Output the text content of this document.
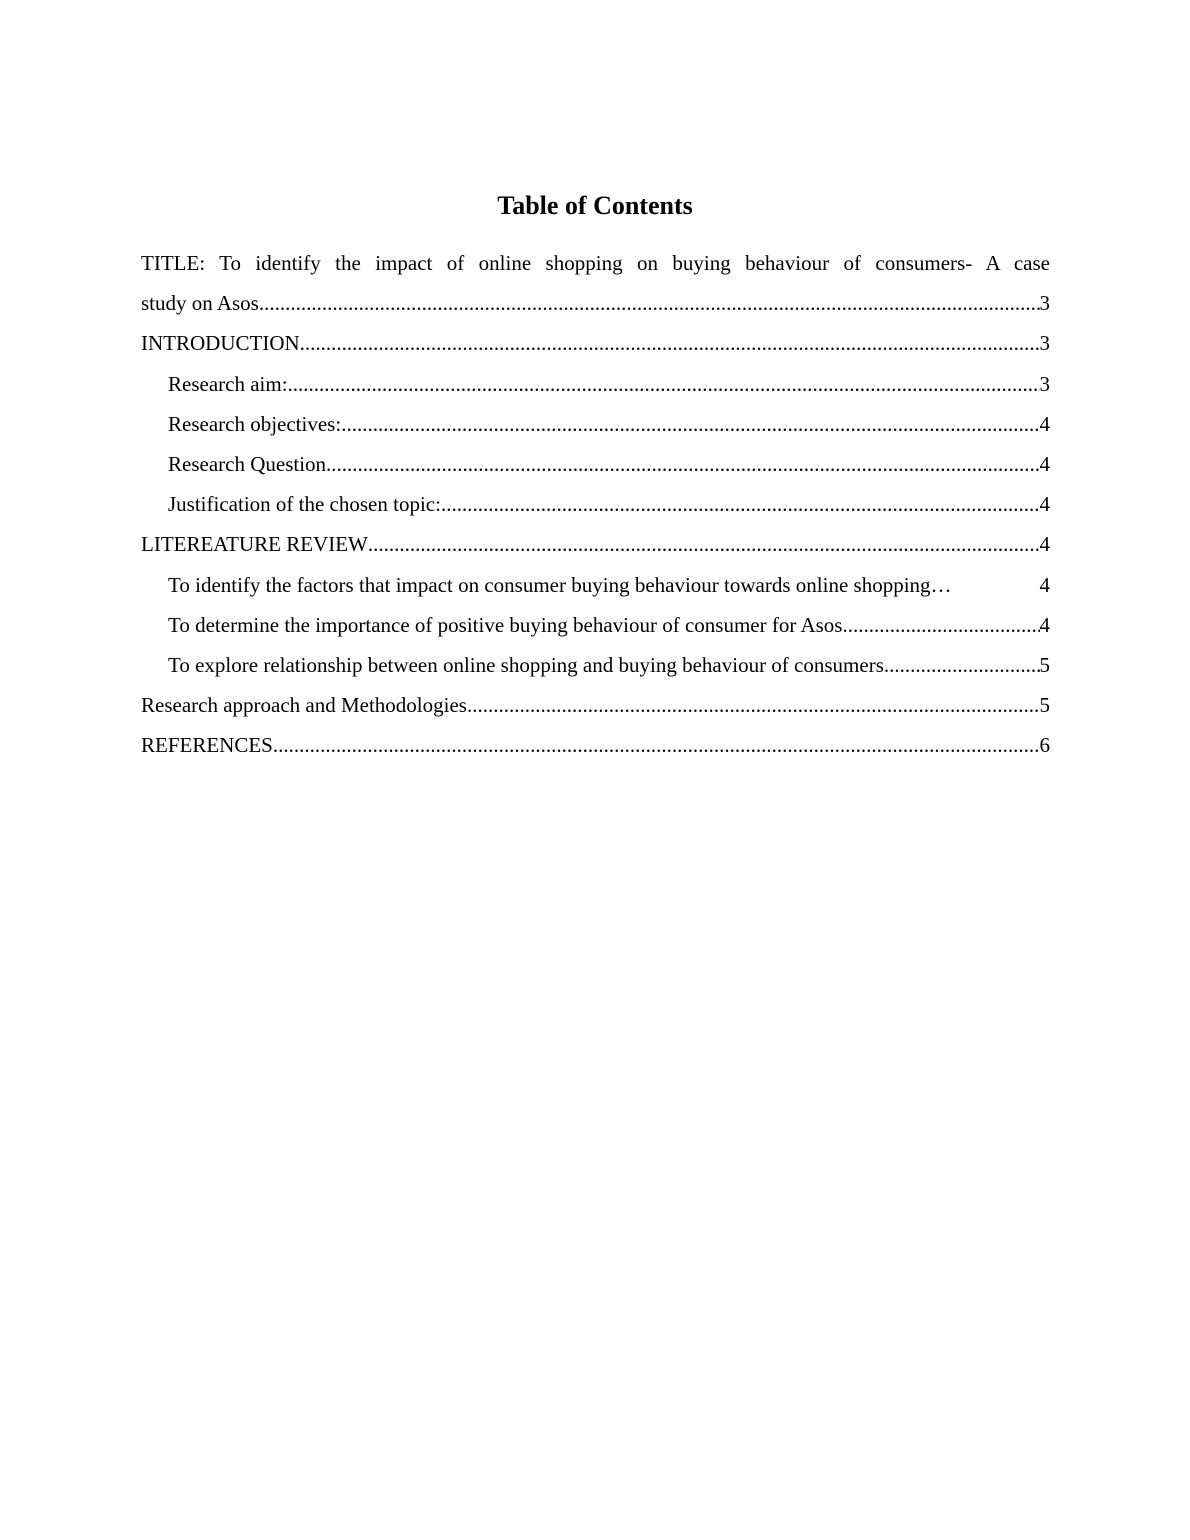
Table of Contents
TITLE: To identify the impact of online shopping on buying behaviour of consumers- A case
study on Asos .....	3
INTRODUCTION .....	3
Research aim: .....	3
Research objectives: .....	4
Research Question .....	4
Justification of the chosen topic: .....	4
LITEREATURE REVIEW .....	4
To identify the factors that impact on consumer buying behaviour towards online shopping …	4
To determine the importance of positive buying behaviour of consumer for Asos .....	4
To explore relationship between online shopping and buying behaviour of consumers .....	5
Research approach and Methodologies .....	5
REFERENCES .....	6
